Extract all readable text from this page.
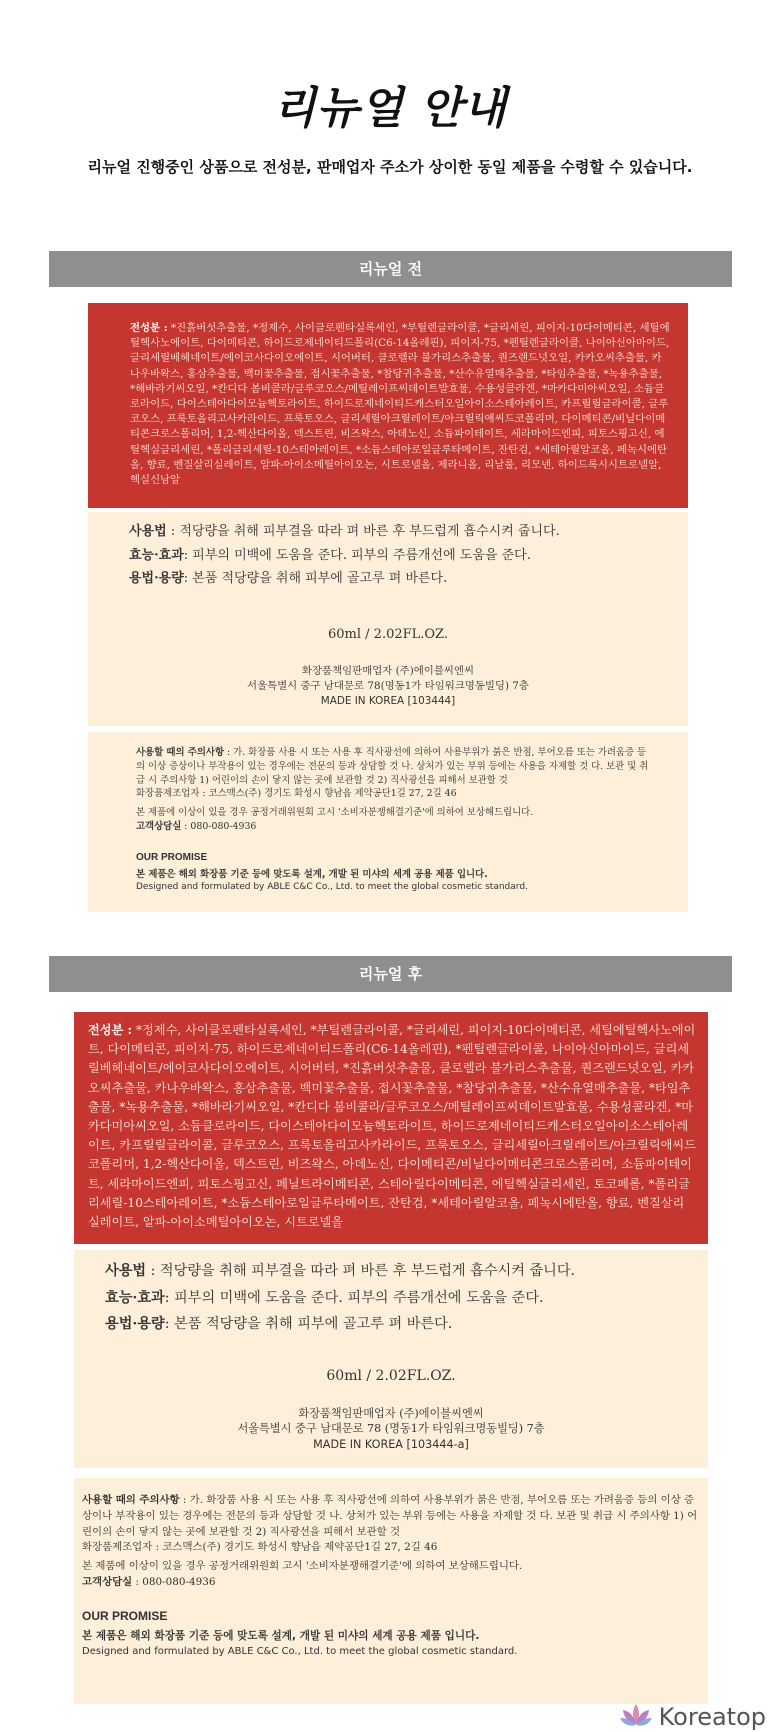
리뉴얼 안내
리뉴얼 진행중인 상품으로 전성분, 판매업자 주소가 상이한 동일 제품을 수령할 수 있습니다.
리뉴얼 전
전성분 : *진흙버섯추출물, *정제수, 사이클로펜타실록세인, *부틸렌글라이콜, *글리세린, 피이지-10다이메티콘, 세틸에틸헥사노에이트, 다이메티콘, 하이드로제네이티드폴리(C6-14올레핀), 피이지-75, *펜틸렌글라이콜, 나이아신아마이드, 글리세릴베헤네이트/에이코사다이오에이트, 시어버터, 클로렐라 불가리스추출물, 퀀즈랜드넛오일, 카카오씨추출물, 카나우바왁스, 홍삼추출물, 백미꽃추출물, 접시꽃추출물, *참당귀추출물, *산수유열매추출물, *타임추출물, *녹용추출물, *해바라기씨오일, *칸디다 봄비콜라/글루코오스/메틸레이프씨데이트발효물, 수용성콜라겐, *마카다미아씨오일, 소듐클로라이드, 다이스테아다이모늄헥토라이트, 하이드로제네이티드캐스터오일아이소스테아레이트, 카프릴릴글라이콜, 글루코오스, 프룩토올리고사카라이드, 프룩토오스, 글리세릴아크릴레이트/아크릴릭애씨드코폴리머, 다이메티콘/비닐다이메티콘크로스폴리머, 1,2-헥산다이올, 덱스트린, 비즈왁스, 아데노신, 소듐파이테이트, 세라마이드엔피, 피토스핑고신, 에틸헥실글리세린, *폴리글리세릴-10스테아레이트, *소듐스테아로일글루타메이트, 잔탄검, *세테아릴알코올, 페녹시에탄올, 향료, 벤질살리실레이트, 알파-아이소메틸아이오논, 시트로넬올, 제라니올, 리날룰, 리모넨, 하이드록시시트로넬알, 헥실신남알
사용법 : 적당량을 취해 피부결을 따라 펴 바른 후 부드럽게 흡수시켜 줍니다.
효능·효과: 피부의 미백에 도움을 준다. 피부의 주름개선에 도움을 준다.
용법·용량: 본품 적당량을 취해 피부에 골고루 펴 바른다.
60ml / 2.02FL.OZ.
화장품책임판매업자 (주)에이블씨엔씨
서울특별시 중구 남대문로 78(명동1가 타임워크명동빌딩) 7층
MADE IN KOREA [103444]
사용할 때의 주의사항 : 가. 화장품 사용 시 또는 사용 후 직사광선에 의하여 사용부위가 붉은 반점, 부어오름 또는 가려움증 등의 이상 증상이나 부작용이 있는 경우에는 전문의 등과 상담할 것 나. 상처가 있는 부위 등에는 사용을 자제할 것 다. 보관 및 취급 시 주의사항 1) 어린이의 손이 닿지 않는 곳에 보관할 것 2) 직사광선을 피해서 보관할 것
화장품제조업자 : 코스맥스(주) 경기도 화성시 향남읍 제약공단1길 27, 2길 46
본 제품에 이상이 있을 경우 공정거래위원회 고시 '소비자분쟁해결기준'에 의하여 보상해드립니다.
고객상담실 : 080-080-4936
OUR PROMISE
본 제품은 해외 화장품 기준 등에 맞도록 설계, 개발 된 미샤의 세계 공용 제품 입니다.
Designed and formulated by ABLE C&C Co., Ltd. to meet the global cosmetic standard.
리뉴얼 후
전성분 : *정제수, 사이클로펜타실록세인, *부틸렌글라이콜, *글리세린, 피이지-10다이메티콘, 세틸에틸헥사노에이트, 다이메티콘, 피이지-75, 하이드로제네이티드폴리(C6-14올레핀), *펜틸렌글라이콜, 나이아신아마이드, 글리세릴베헤네이트/에이코사다이오에이트, 시어버터, *진흙버섯추출물, 클로렐라 불가리스추출물, 퀀즈랜드넛오일, 카카오씨추출물, 카나우바왁스, 홍삼추출물, 백미꽃추출물, 접시꽃추출물, *참당귀추출물, *산수유열매추출물, *타임추출물, *녹용추출물, *해바라기씨오일, *칸디다 봄비콜라/글루코오스/메틸레이프씨데이트발효물, 수용성콜라겐, *마카다미아씨오일, 소듐클로라이드, 다이스테아다이모늄헥토라이트, 하이드로제네이티드캐스터오일아이소스테아레이트, 카프릴릴글라이콜, 글루코오스, 프룩토올리고사카라이드, 프룩토오스, 글리세릴아크릴레이트/아크릴릭애씨드코폴리머, 1,2-헥산다이올, 덱스트린, 비즈왁스, 아데노신, 다이메티콘/비닐다이메티콘크로스폴리머, 소듐파이테이트, 세라마이드엔피, 피토스핑고신, 페닐트라이메티콘, 스테아릴다이메티콘, 에틸헥실글리세린, 토코페롤, *폴리글리세릴-10스테아레이트, *소듐스테아로일글루타메이트, 잔탄검, *세테아릴알코올, 페녹시에탄올, 향료, 벤질살리실레이트, 알파-아이소메틸아이오논, 시트로넬올
사용법 : 적당량을 취해 피부결을 따라 펴 바른 후 부드럽게 흡수시켜 줍니다.
효능·효과: 피부의 미백에 도움을 준다. 피부의 주름개선에 도움을 준다.
용법·용량: 본품 적당량을 취해 피부에 골고루 펴 바른다.
60ml / 2.02FL.OZ.
화장품책임판매업자 (주)에이블씨엔씨
서울특별시 중구 남대문로 78 (명동1가 타임워크명동빌딩) 7층
MADE IN KOREA [103444-a]
사용할 때의 주의사항 : 가. 화장품 사용 시 또는 사용 후 직사광선에 의하여 사용부위가 붉은 반점, 부어오름 또는 가려움증 등의 이상 증상이나 부작용이 있는 경우에는 전문의 등과 상담할 것 나. 상처가 있는 부위 등에는 사용을 자제할 것 다. 보관 및 취급 시 주의사항 1) 어린이의 손이 닿지 않는 곳에 보관할 것 2) 직사광선을 피해서 보관할 것
화장품제조업자 : 코스맥스(주) 경기도 화성시 향남읍 제약공단1길 27, 2길 46
본 제품에 이상이 있을 경우 공정거래위원회 고시 '소비자분쟁해결기준'에 의하여 보상해드립니다.
고객상담실 : 080-080-4936
OUR PROMISE
본 제품은 해외 화장품 기준 등에 맞도록 설계, 개발 된 미샤의 세계 공용 제품 입니다.
Designed and formulated by ABLE C&C Co., Ltd. to meet the global cosmetic standard.
Koreatop
